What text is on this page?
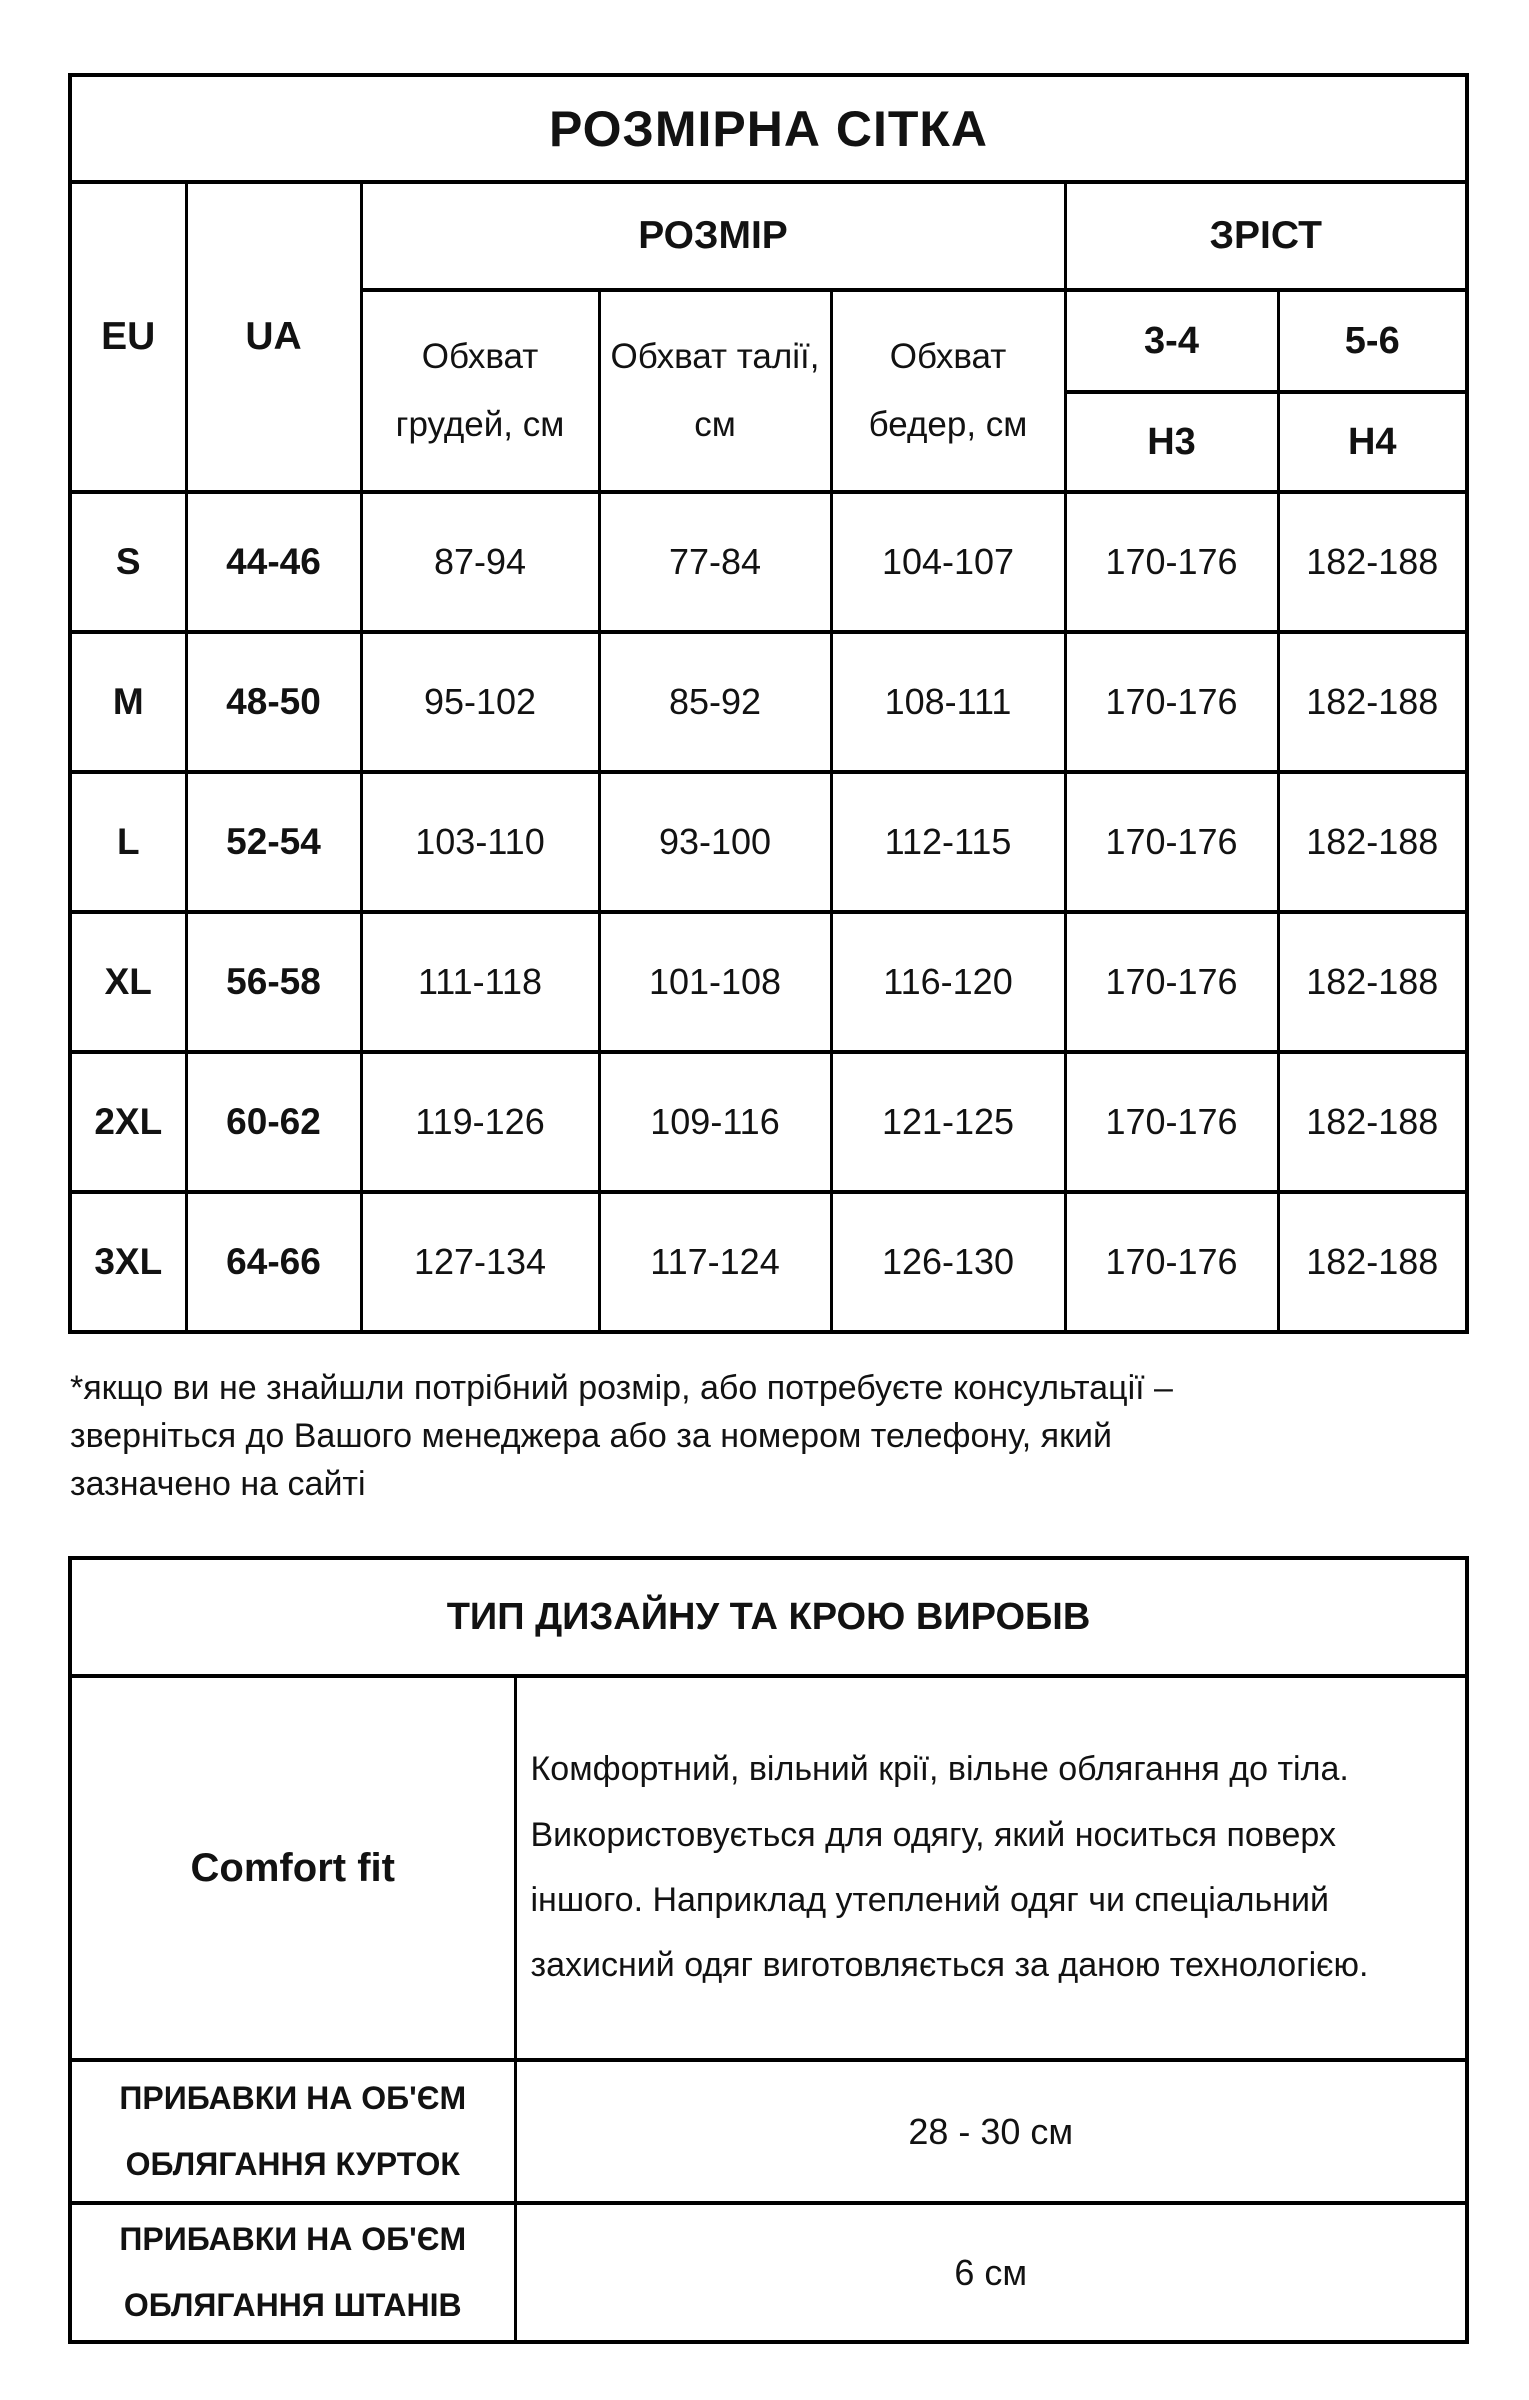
РОЗМІРНА СІТКА						
EU	UA	РОЗМІР			ЗРІСТ	
		Обхват грудей, см	Обхват талії, см	Обхват бедер, см	3-4	5-6
					Н3	Н4
S	44-46	87-94	77-84	104-107	170-176	182-188
M	48-50	95-102	85-92	108-111	170-176	182-188
L	52-54	103-110	93-100	112-115	170-176	182-188
XL	56-58	111-118	101-108	116-120	170-176	182-188
2XL	60-62	119-126	109-116	121-125	170-176	182-188
3XL	64-66	127-134	117-124	126-130	170-176	182-188
*якщо ви не знайшли потрібний розмір, або потребуєте консультації –
зверніться до Вашого менеджера або за номером телефону, який
зазначено на сайті
ТИП ДИЗАЙНУ ТА КРОЮ ВИРОБІВ	
Comfort fit	Комфортний, вільний крії, вільне облягання до тіла. Використовується для одягу, який носиться поверх іншого. Наприклад утеплений одяг чи спеціальний захисний одяг виготовляється за даною технологією.
ПРИБАВКИ НА ОБ'ЄМ ОБЛЯГАННЯ КУРТОК	28 - 30 см
ПРИБАВКИ НА ОБ'ЄМ ОБЛЯГАННЯ ШТАНІВ	6 см
